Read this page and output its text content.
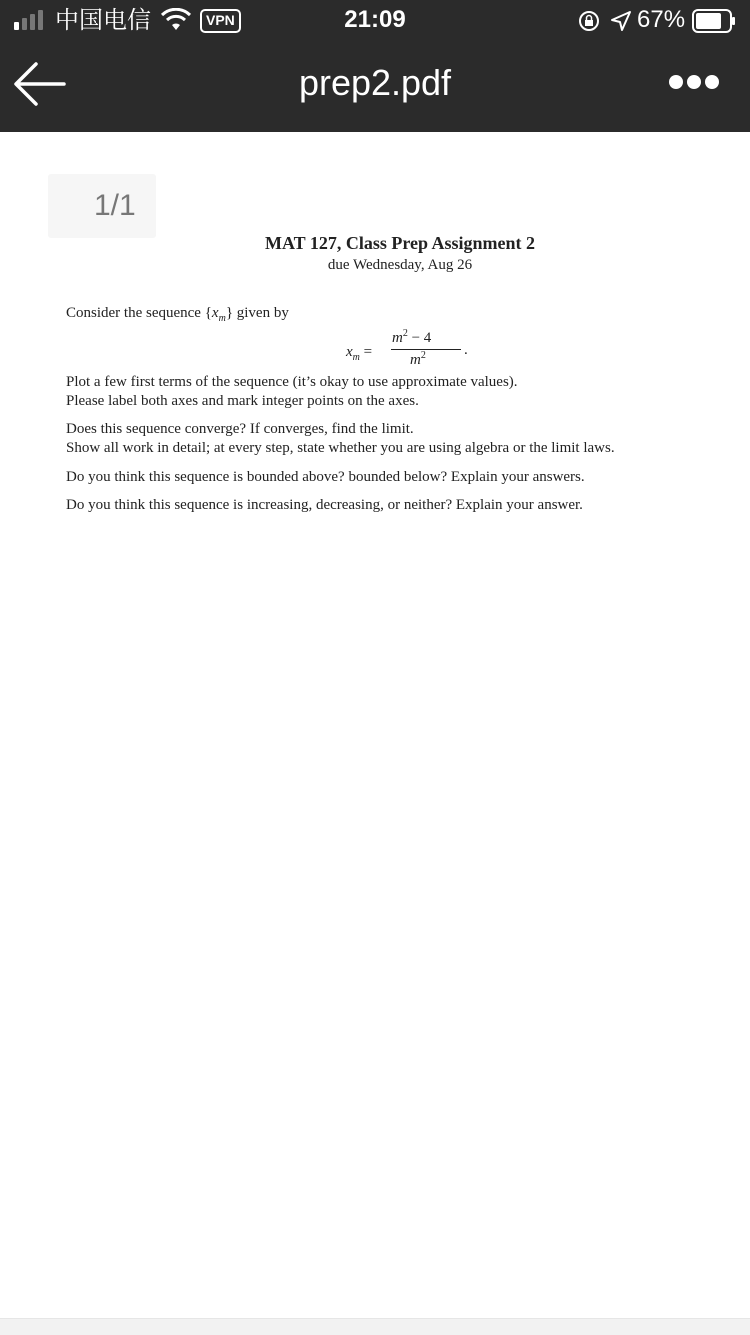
中国电信	VPN	21:09	67%
prep2.pdf
1/1
MAT 127, Class Prep Assignment 2
due Wednesday, Aug 26
Consider the sequence $\{x_m\}$ given by
$x_m$ =
$m^2 - 4$
$m^2$	.
Plot a few first terms of the sequence (it’s okay to use approximate values).
Please label both axes and mark integer points on the axes.
Does this sequence converge? If converges, find the limit.
Show all work in detail; at every step, state whether you are using algebra or the limit laws.
Do you think this sequence is bounded above? bounded below? Explain your answers.
Do you think this sequence is increasing, decreasing, or neither? Explain your answer.
